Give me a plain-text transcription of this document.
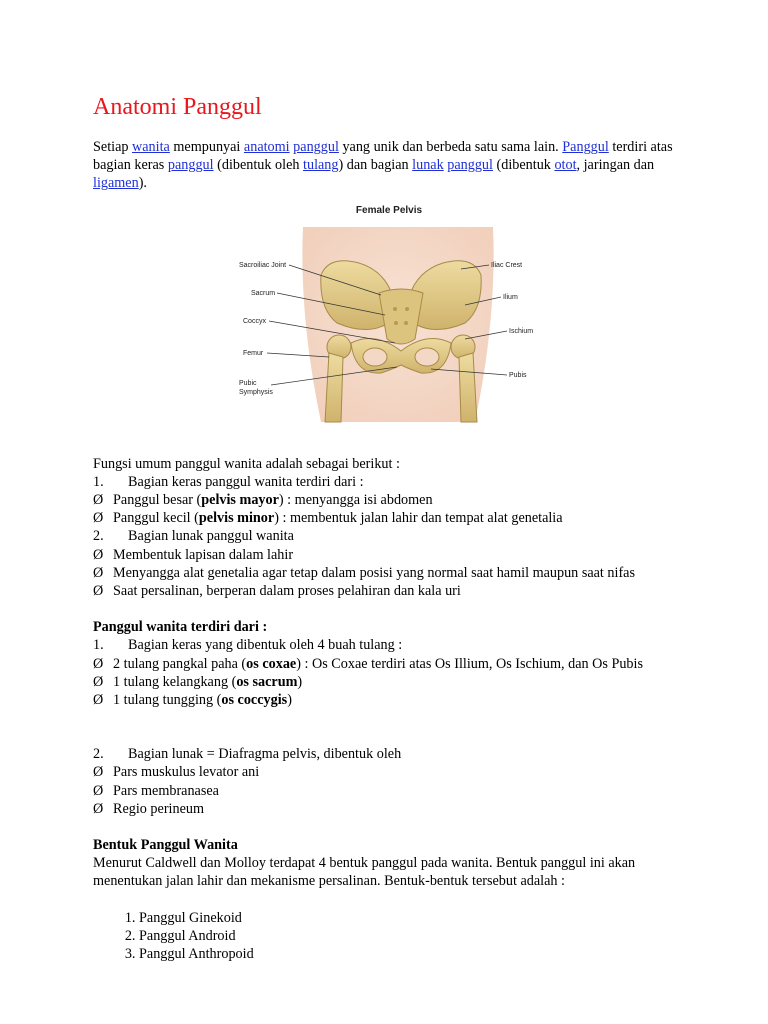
Anatomi Panggul

Setiap wanita mempunyai anatomi panggul yang unik dan berbeda satu sama lain. Panggul terdiri atas bagian keras panggul (dibentuk oleh tulang) dan bagian lunak panggul (dibentuk otot, jaringan dan ligamen).

Female Pelvis
Sacroiliac Joint
Sacrum
Coccyx
Femur
Pubic
Symphysis
Iliac Crest
Ilium
Ischium
Pubis

Fungsi umum panggul wanita adalah sebagai berikut :

1. Bagian keras panggul wanita terdiri dari :
Ø Panggul besar (pelvis mayor) : menyangga isi abdomen
Ø Panggul kecil (pelvis minor) : membentuk jalan lahir dan tempat alat genetalia
2. Bagian lunak panggul wanita
Ø Membentuk lapisan dalam lahir
Ø Menyangga alat genetalia agar tetap dalam posisi yang normal saat hamil maupun saat nifas
Ø Saat persalinan, berperan dalam proses pelahiran dan kala uri

Panggul wanita terdiri dari :

1. Bagian keras yang dibentuk oleh 4 buah tulang :
Ø 2 tulang pangkal paha (os coxae) : Os Coxae terdiri atas Os Illium, Os Ischium, dan Os Pubis
Ø 1 tulang kelangkang (os sacrum)
Ø 1 tulang tungging (os coccygis)
2. Bagian lunak = Diafragma pelvis, dibentuk oleh
Ø Pars muskulus levator ani
Ø Pars membranasea
Ø Regio perineum

Bentuk Panggul Wanita

Menurut Caldwell dan Molloy terdapat 4 bentuk panggul pada wanita. Bentuk panggul ini akan menentukan jalan lahir dan mekanisme persalinan. Bentuk-bentuk tersebut adalah :

1. Panggul Ginekoid
2. Panggul Android
3. Panggul Anthropoid
